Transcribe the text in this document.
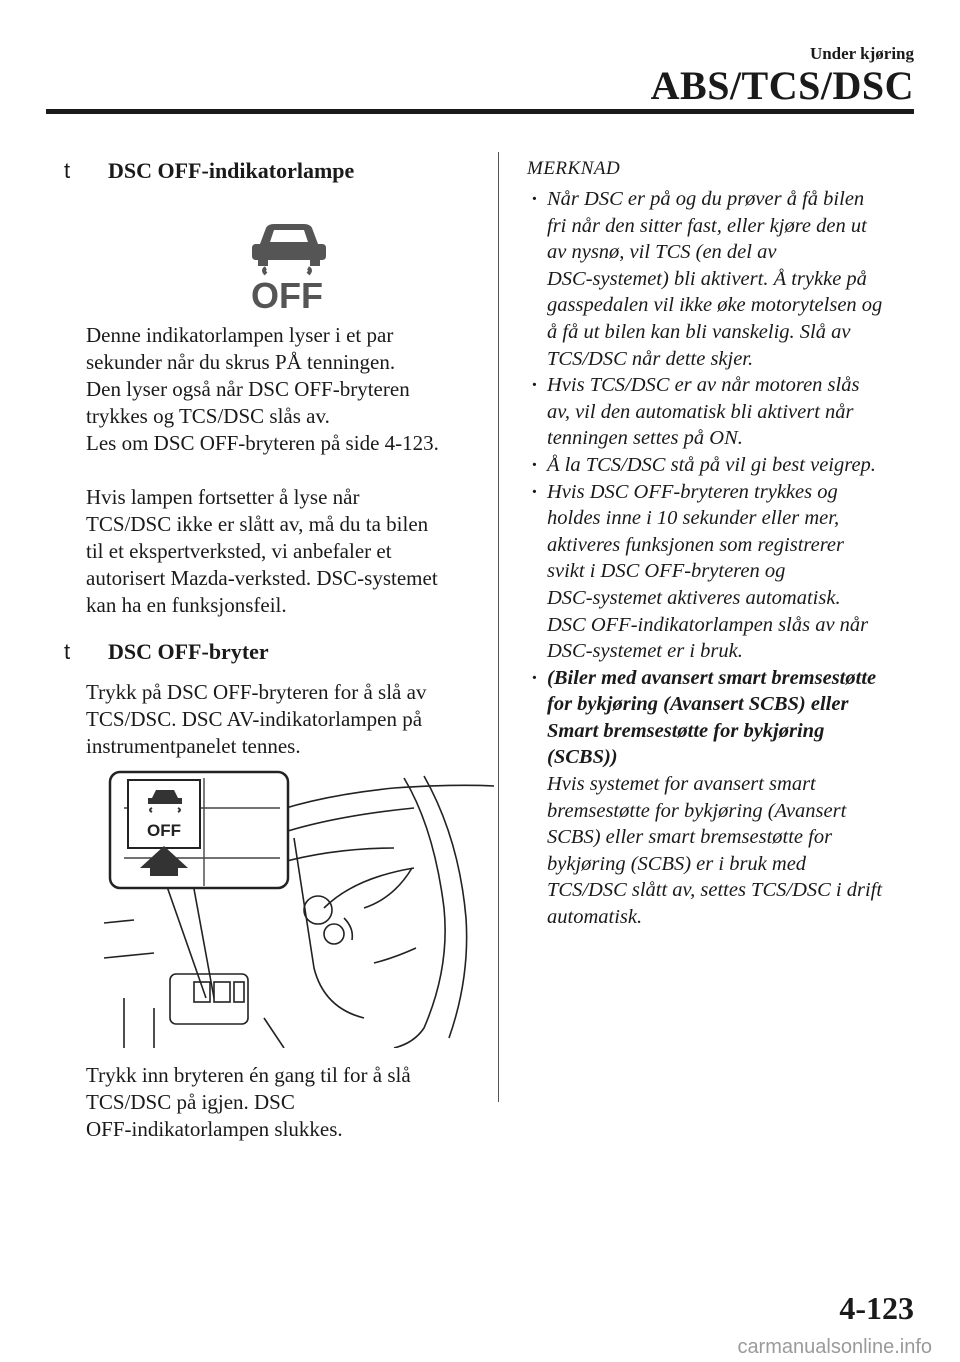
Under kjøring
ABS/TCS/DSC
t	DSC OFF-indikatorlampe
OFF

Denne indikatorlampen lyser i et par
sekunder når du skrus PÅ tenningen.
Den lyser også når DSC OFF-bryteren
trykkes og TCS/DSC slås av.
Les om DSC OFF-bryteren på side 4-123.

Hvis lampen fortsetter å lyse når
TCS/DSC ikke er slått av, må du ta bilen
til et ekspertverksted, vi anbefaler et
autorisert Mazda-verksted. DSC-systemet
kan ha en funksjonsfeil.

t	DSC OFF-bryter

Trykk på DSC OFF-bryteren for å slå av
TCS/DSC. DSC AV-indikatorlampen på
instrumentpanelet tennes.

OFF

Trykk inn bryteren én gang til for å slå
TCS/DSC på igjen. DSC
OFF-indikatorlampen slukkes.

MERKNAD
· Når DSC er på og du prøver å få bilen
fri når den sitter fast, eller kjøre den ut
av nysnø, vil TCS (en del av
DSC-systemet) bli aktivert. Å trykke på
gasspedalen vil ikke øke motorytelsen og
å få ut bilen kan bli vanskelig. Slå av
TCS/DSC når dette skjer.
· Hvis TCS/DSC er av når motoren slås
av, vil den automatisk bli aktivert når
tenningen settes på ON.
· Å la TCS/DSC stå på vil gi best veigrep.
· Hvis DSC OFF-bryteren trykkes og
holdes inne i 10 sekunder eller mer,
aktiveres funksjonen som registrerer
svikt i DSC OFF-bryteren og
DSC-systemet aktiveres automatisk.
DSC OFF-indikatorlampen slås av når
DSC-systemet er i bruk.
· (Biler med avansert smart bremsestøtte
for bykjøring (Avansert SCBS) eller
Smart bremsestøtte for bykjøring
(SCBS))
Hvis systemet for avansert smart
bremsestøtte for bykjøring (Avansert
SCBS) eller smart bremsestøtte for
bykjøring (SCBS) er i bruk med
TCS/DSC slått av, settes TCS/DSC i drift
automatisk.
4-123
carmanualsonline.info
